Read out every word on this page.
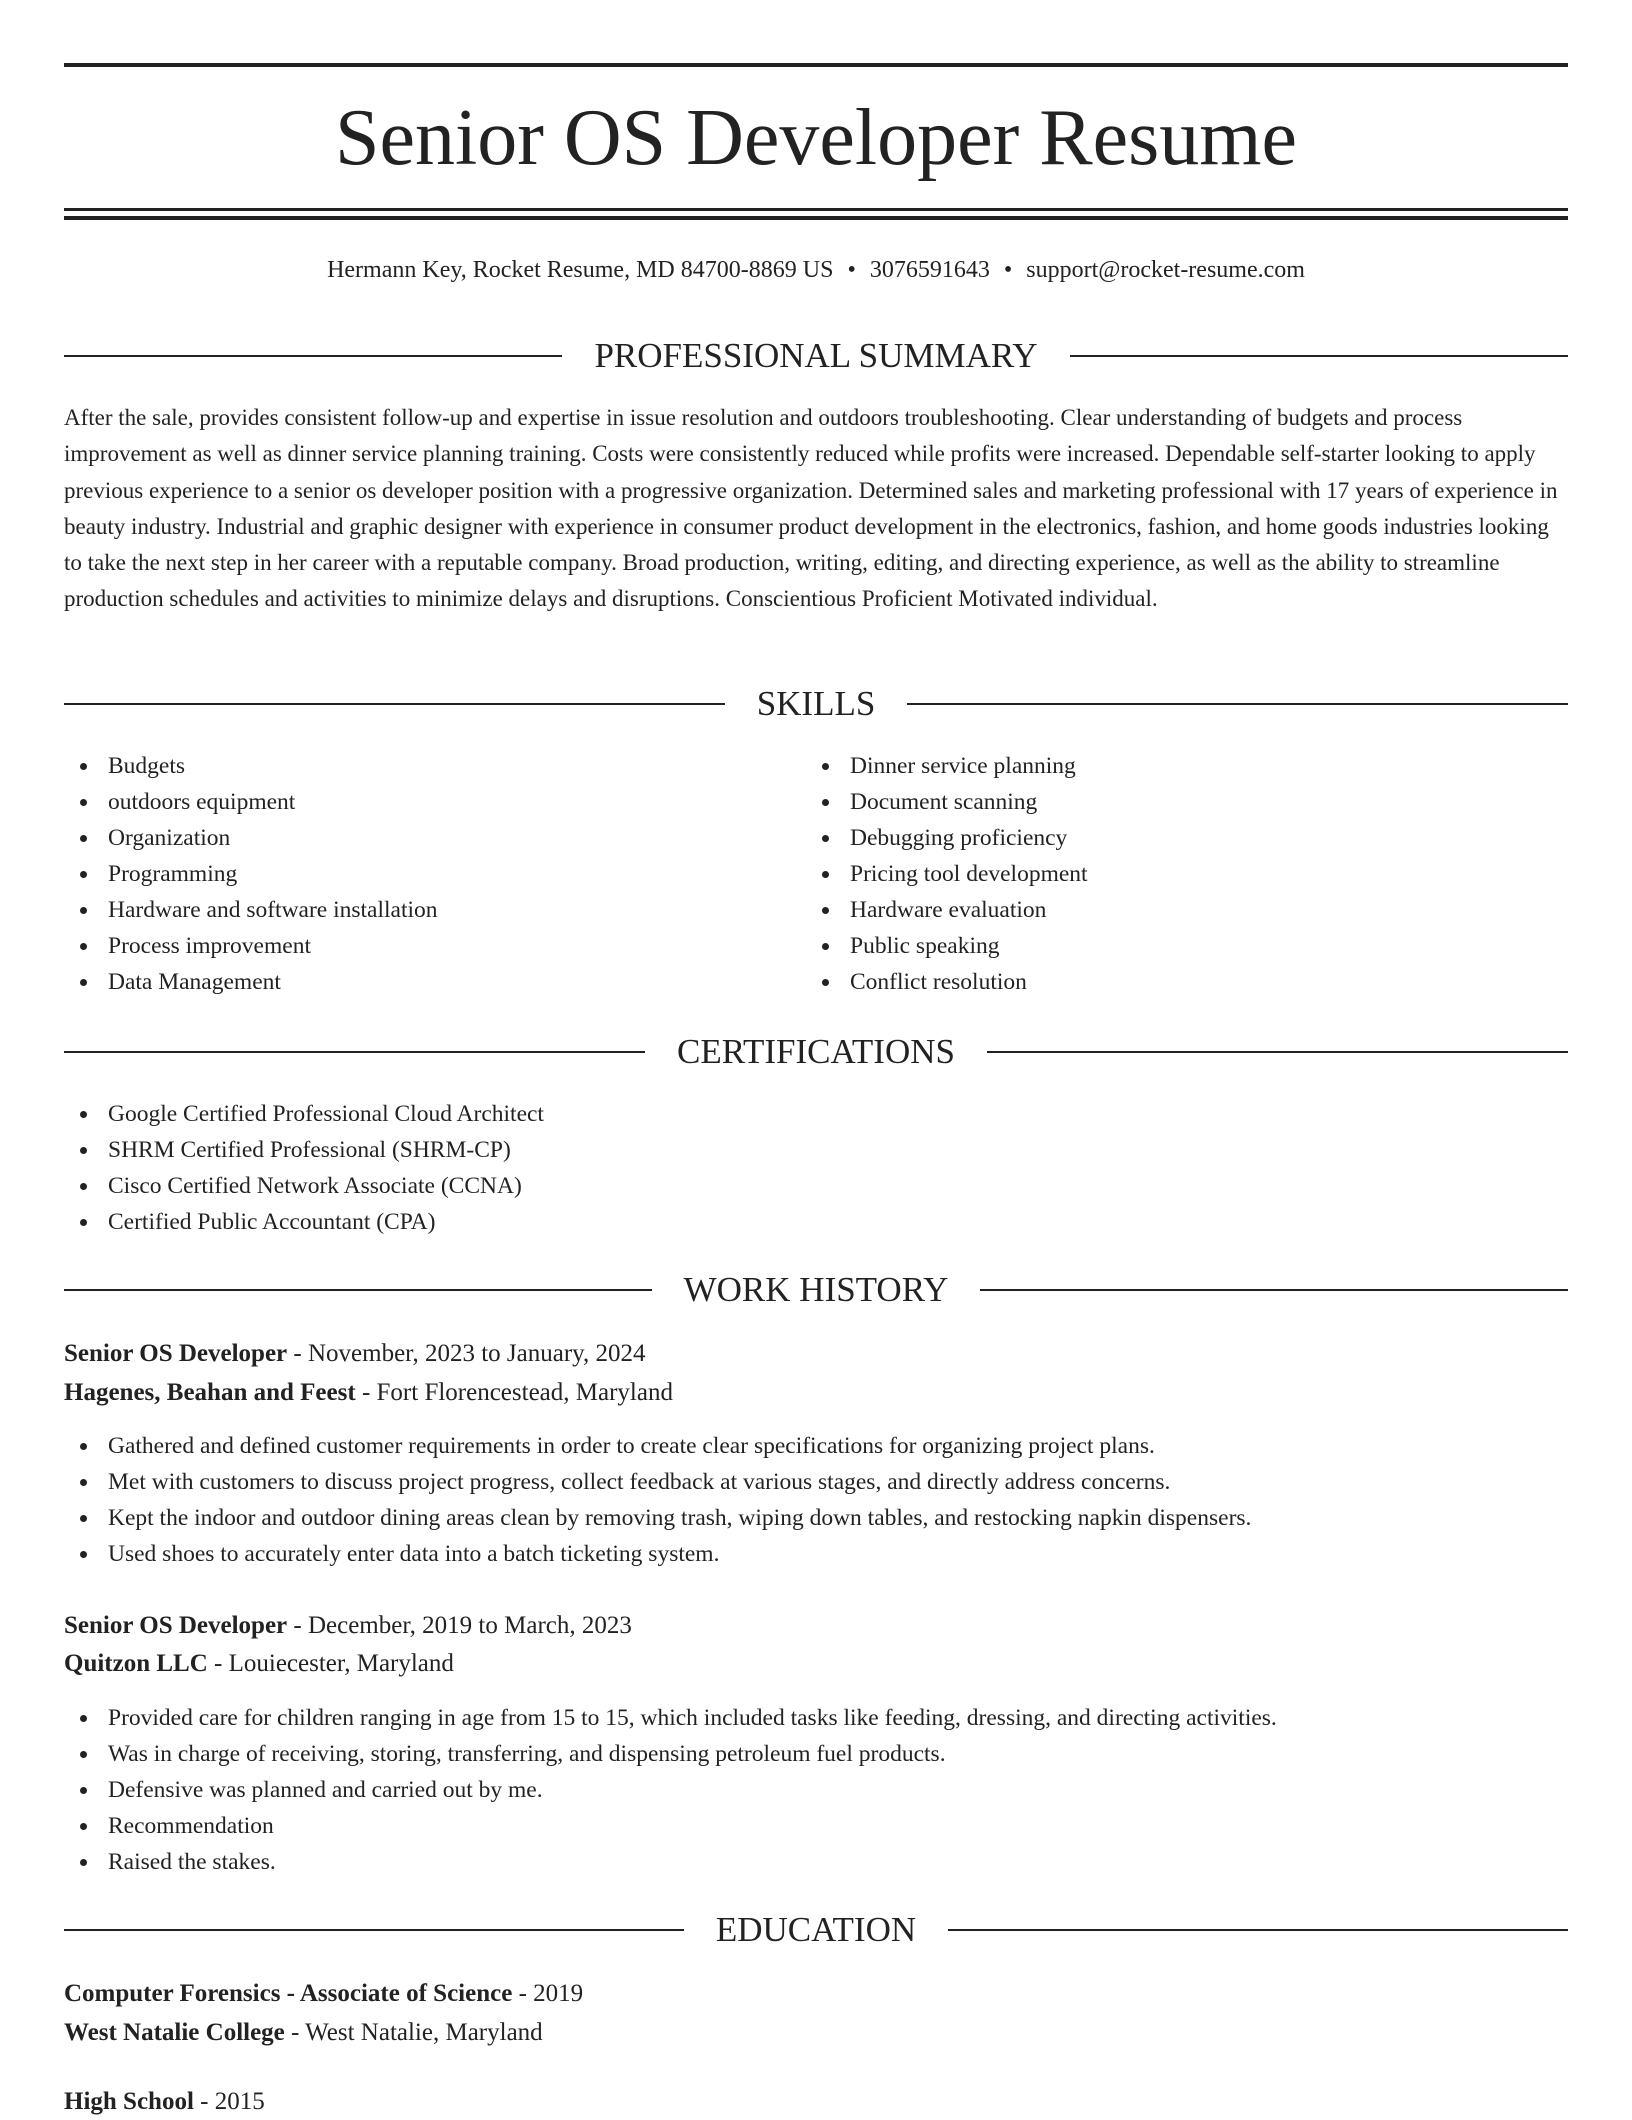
Senior OS Developer Resume
Hermann Key, Rocket Resume, MD 84700-8869 US • 3076591643 • support@rocket-resume.com
PROFESSIONAL SUMMARY
After the sale, provides consistent follow-up and expertise in issue resolution and outdoors troubleshooting. Clear understanding of budgets and process improvement as well as dinner service planning training. Costs were consistently reduced while profits were increased. Dependable self-starter looking to apply previous experience to a senior os developer position with a progressive organization. Determined sales and marketing professional with 17 years of experience in beauty industry. Industrial and graphic designer with experience in consumer product development in the electronics, fashion, and home goods industries looking to take the next step in her career with a reputable company. Broad production, writing, editing, and directing experience, as well as the ability to streamline production schedules and activities to minimize delays and disruptions. Conscientious Proficient Motivated individual.
SKILLS
Budgets
outdoors equipment
Organization
Programming
Hardware and software installation
Process improvement
Data Management
Dinner service planning
Document scanning
Debugging proficiency
Pricing tool development
Hardware evaluation
Public speaking
Conflict resolution
CERTIFICATIONS
Google Certified Professional Cloud Architect
SHRM Certified Professional (SHRM-CP)
Cisco Certified Network Associate (CCNA)
Certified Public Accountant (CPA)
WORK HISTORY
Senior OS Developer - November, 2023 to January, 2024
Hagenes, Beahan and Feest - Fort Florencestead, Maryland
Gathered and defined customer requirements in order to create clear specifications for organizing project plans.
Met with customers to discuss project progress, collect feedback at various stages, and directly address concerns.
Kept the indoor and outdoor dining areas clean by removing trash, wiping down tables, and restocking napkin dispensers.
Used shoes to accurately enter data into a batch ticketing system.
Senior OS Developer - December, 2019 to March, 2023
Quitzon LLC - Louiecester, Maryland
Provided care for children ranging in age from 15 to 15, which included tasks like feeding, dressing, and directing activities.
Was in charge of receiving, storing, transferring, and dispensing petroleum fuel products.
Defensive was planned and carried out by me.
Recommendation
Raised the stakes.
EDUCATION
Computer Forensics - Associate of Science - 2019
West Natalie College - West Natalie, Maryland
High School - 2015
